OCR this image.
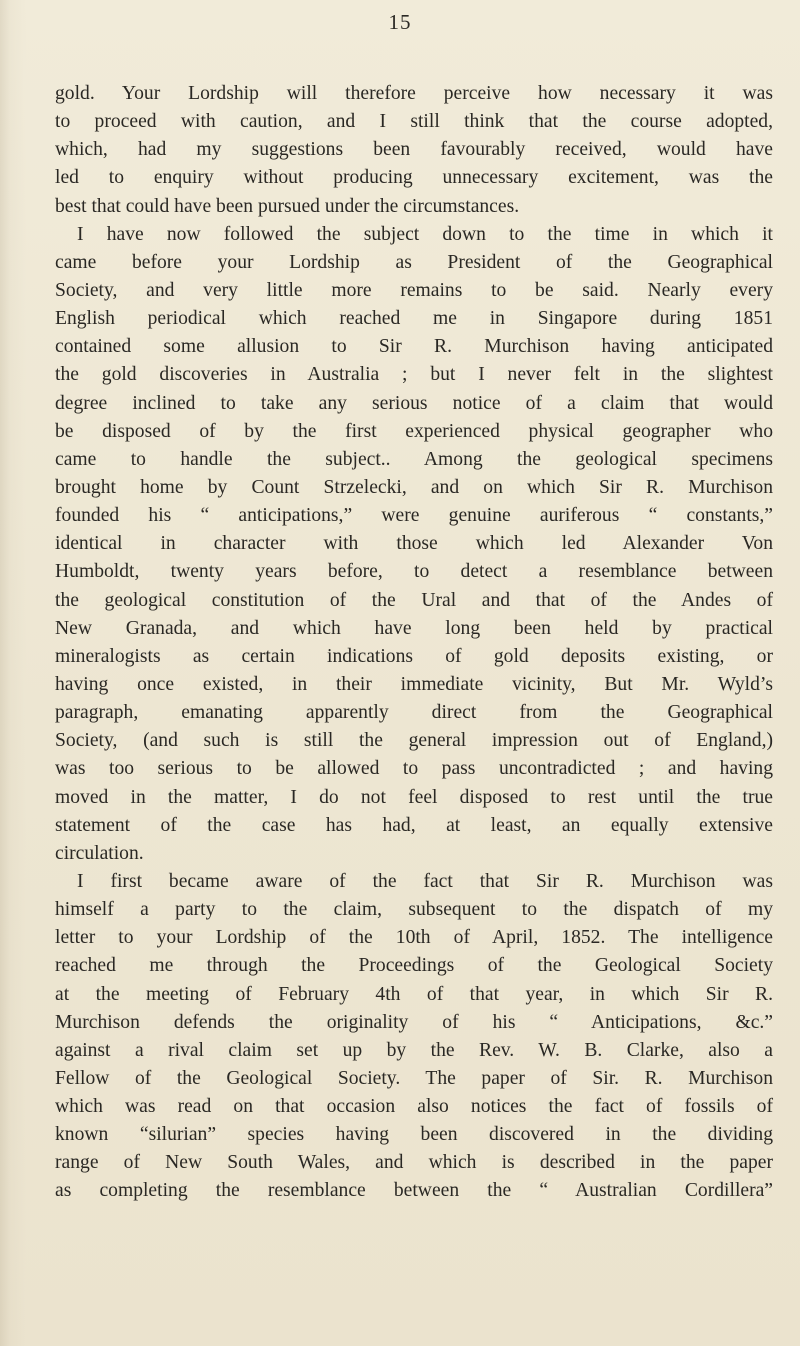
15
gold. Your Lordship will therefore perceive how necessary it was
to proceed with caution, and I still think that the course adopted,
which, had my suggestions been favourably received, would have
led to enquiry without producing unnecessary excitement, was the
best that could have been pursued under the circumstances.
I have now followed the subject down to the time in which it
came before your Lordship as President of the Geographical
Society, and very little more remains to be said. Nearly every
English periodical which reached me in Singapore during 1851
contained some allusion to Sir R. Murchison having anticipated
the gold discoveries in Australia ; but I never felt in the slightest
degree inclined to take any serious notice of a claim that would
be disposed of by the first experienced physical geographer who
came to handle the subject.. Among the geological specimens
brought home by Count Strzelecki, and on which Sir R. Murchison
founded his “ anticipations,” were genuine auriferous “ constants,”
identical in character with those which led Alexander Von
Humboldt, twenty years before, to detect a resemblance between
the geological constitution of the Ural and that of the Andes of
New Granada, and which have long been held by practical
mineralogists as certain indications of gold deposits existing, or
having once existed, in their immediate vicinity, But Mr. Wyld’s
paragraph, emanating apparently direct from the Geographical
Society, (and such is still the general impression out of England,)
was too serious to be allowed to pass uncontradicted ; and having
moved in the matter, I do not feel disposed to rest until the true
statement of the case has had, at least, an equally extensive
circulation.
I first became aware of the fact that Sir R. Murchison was
himself a party to the claim, subsequent to the dispatch of my
letter to your Lordship of the 10th of April, 1852. The intelligence
reached me through the Proceedings of the Geological Society
at the meeting of February 4th of that year, in which Sir R.
Murchison defends the originality of his “ Anticipations, &c.”
against a rival claim set up by the Rev. W. B. Clarke, also a
Fellow of the Geological Society. The paper of Sir. R. Murchison
which was read on that occasion also notices the fact of fossils of
known “silurian” species having been discovered in the dividing
range of New South Wales, and which is described in the paper
as completing the resemblance between the “ Australian Cordillera”
